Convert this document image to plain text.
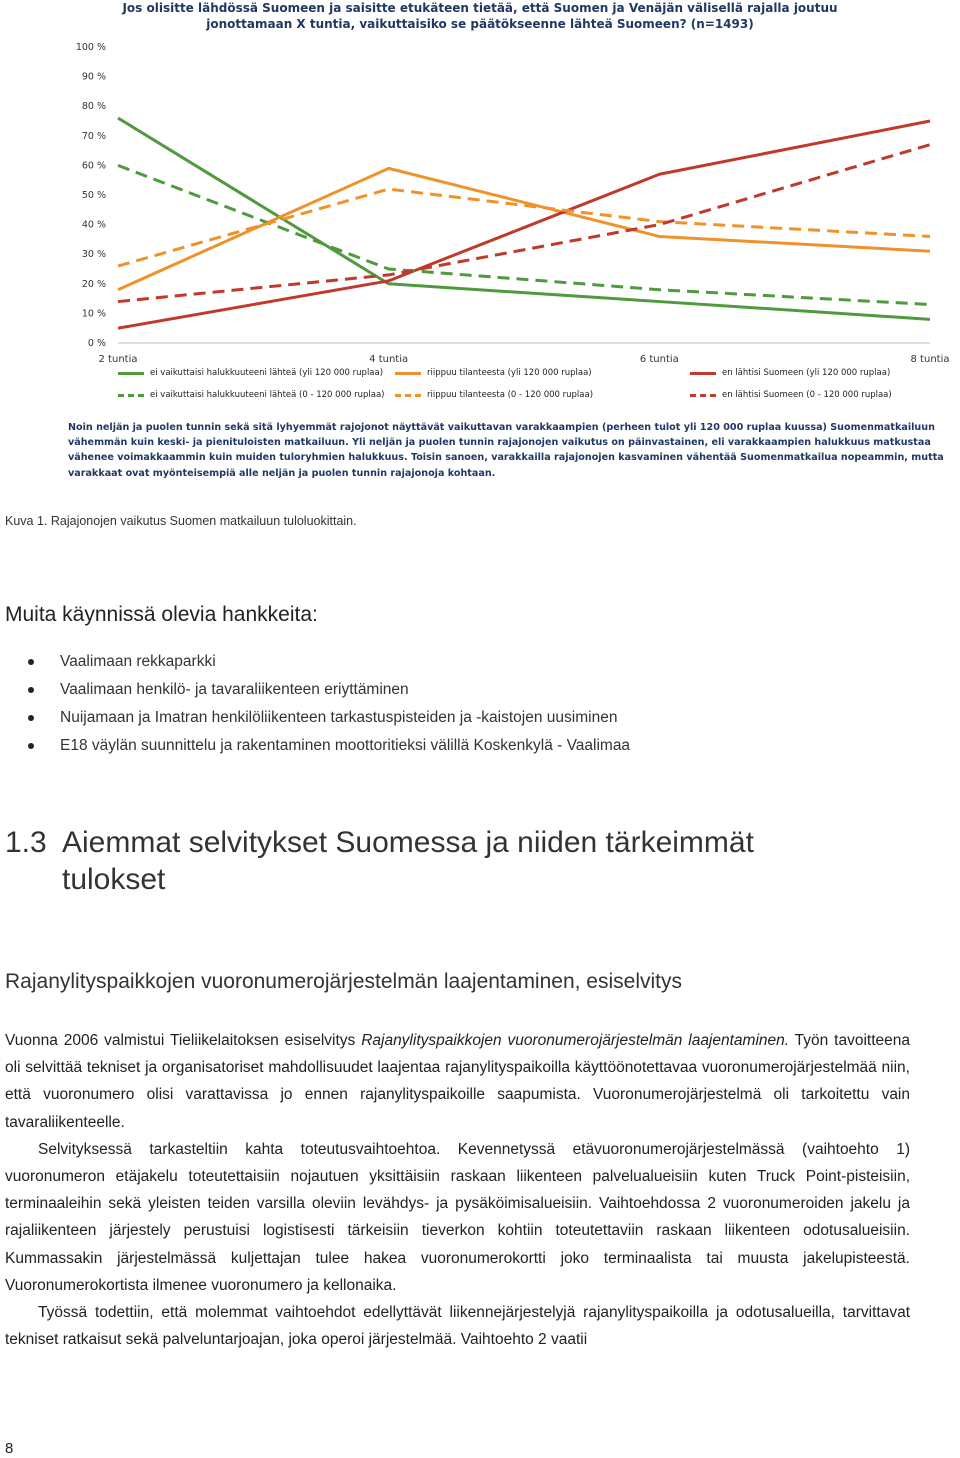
Jos olisitte lähdössä Suomeen ja saisitte etukäteen tietää, että Suomen ja Venäjän välisellä rajalla joutuu
jonottamaan X tuntia, vaikuttaisiko se päätökseenne lähteä Suomeen? (n=1493)
100 %
90 %
80 %
70 %
60 %
50 %
40 %
30 %
20 %
10 %
0 %
2 tuntia	4 tuntia	6 tuntia	8 tuntia
ei vaikuttaisi halukkuuteeni lähteä (yli 120 000 ruplaa)	riippuu tilanteesta (yli 120 000 ruplaa)	en lähtisi Suomeen (yli 120 000 ruplaa)
ei vaikuttaisi halukkuuteeni lähteä (0 - 120 000 ruplaa)	riippuu tilanteesta (0 - 120 000 ruplaa)	en lähtisi Suomeen (0 - 120 000 ruplaa)
Noin neljän ja puolen tunnin sekä sitä lyhyemmät rajojonot näyttävät vaikuttavan varakkaampien (perheen tulot yli 120 000 ruplaa kuussa) Suomenmatkailuun vähemmän kuin keski- ja pienituloisten matkailuun. Yli neljän ja puolen tunnin rajajonojen vaikutus on päinvastainen, eli varakkaampien halukkuus matkustaa vähenee voimakkaammin kuin muiden tuloryhmien halukkuus. Toisin sanoen, varakkailla rajajonojen kasvaminen vähentää Suomenmatkailua nopeammin, mutta varakkaat ovat myönteisempiä alle neljän ja puolen tunnin rajajonoja kohtaan.
Kuva 1. Rajajonojen vaikutus Suomen matkailuun tuloluokittain.
Muita käynnissä olevia hankkeita:
Vaalimaan rekkaparkki
Vaalimaan henkilö- ja tavaraliikenteen eriyttäminen
Nuijamaan ja Imatran henkilöliikenteen tarkastuspisteiden ja -kaistojen uusiminen
E18 väylän suunnittelu ja rakentaminen moottoritieksi välillä Koskenkylä - Vaalimaa
1.3 Aiemmat selvitykset Suomessa ja niiden tärkeimmät
tulokset
Rajanylityspaikkojen vuoronumerojärjestelmän laajentaminen, esiselvitys

Vuonna 2006 valmistui Tieliikelaitoksen esiselvitys Rajanylityspaikkojen vuoronumerojärjestelmän laajentaminen. Työn tavoitteena oli selvittää tekniset ja organisatoriset mahdollisuudet laajentaa rajanylityspaikoilla käyttöönotettavaa vuoronumerojärjestelmää niin, että vuoronumero olisi varattavissa jo ennen rajanylityspaikoille saapumista. Vuoronumerojärjestelmä oli tarkoitettu vain tavaraliikenteelle.

Selvityksessä tarkasteltiin kahta toteutusvaihtoehtoa. Kevennetyssä etävuoronumerojärjestelmässä (vaihtoehto 1) vuoronumeron etäjakelu toteutettaisiin nojautuen yksittäisiin raskaan liikenteen palvelualueisiin kuten Truck Point-pisteisiin, terminaaleihin sekä yleisten teiden varsilla oleviin levähdys- ja pysäköimisalueisiin. Vaihtoehdossa 2 vuoronumeroiden jakelu ja rajaliikenteen järjestely perustuisi logistisesti tärkeisiin tieverkon kohtiin toteutettaviin raskaan liikenteen odotusalueisiin. Kummassakin järjestelmässä kuljettajan tulee hakea vuoronumerokortti joko terminaalista tai muusta jakelupisteestä. Vuoronumerokortista ilmenee vuoronumero ja kellonaika.

Työssä todettiin, että molemmat vaihtoehdot edellyttävät liikennejärjestelyjä rajanylityspaikoilla ja odotusalueilla, tarvittavat tekniset ratkaisut sekä palveluntarjoajan, joka operoi järjestelmää. Vaihtoehto 2 vaatii

8
